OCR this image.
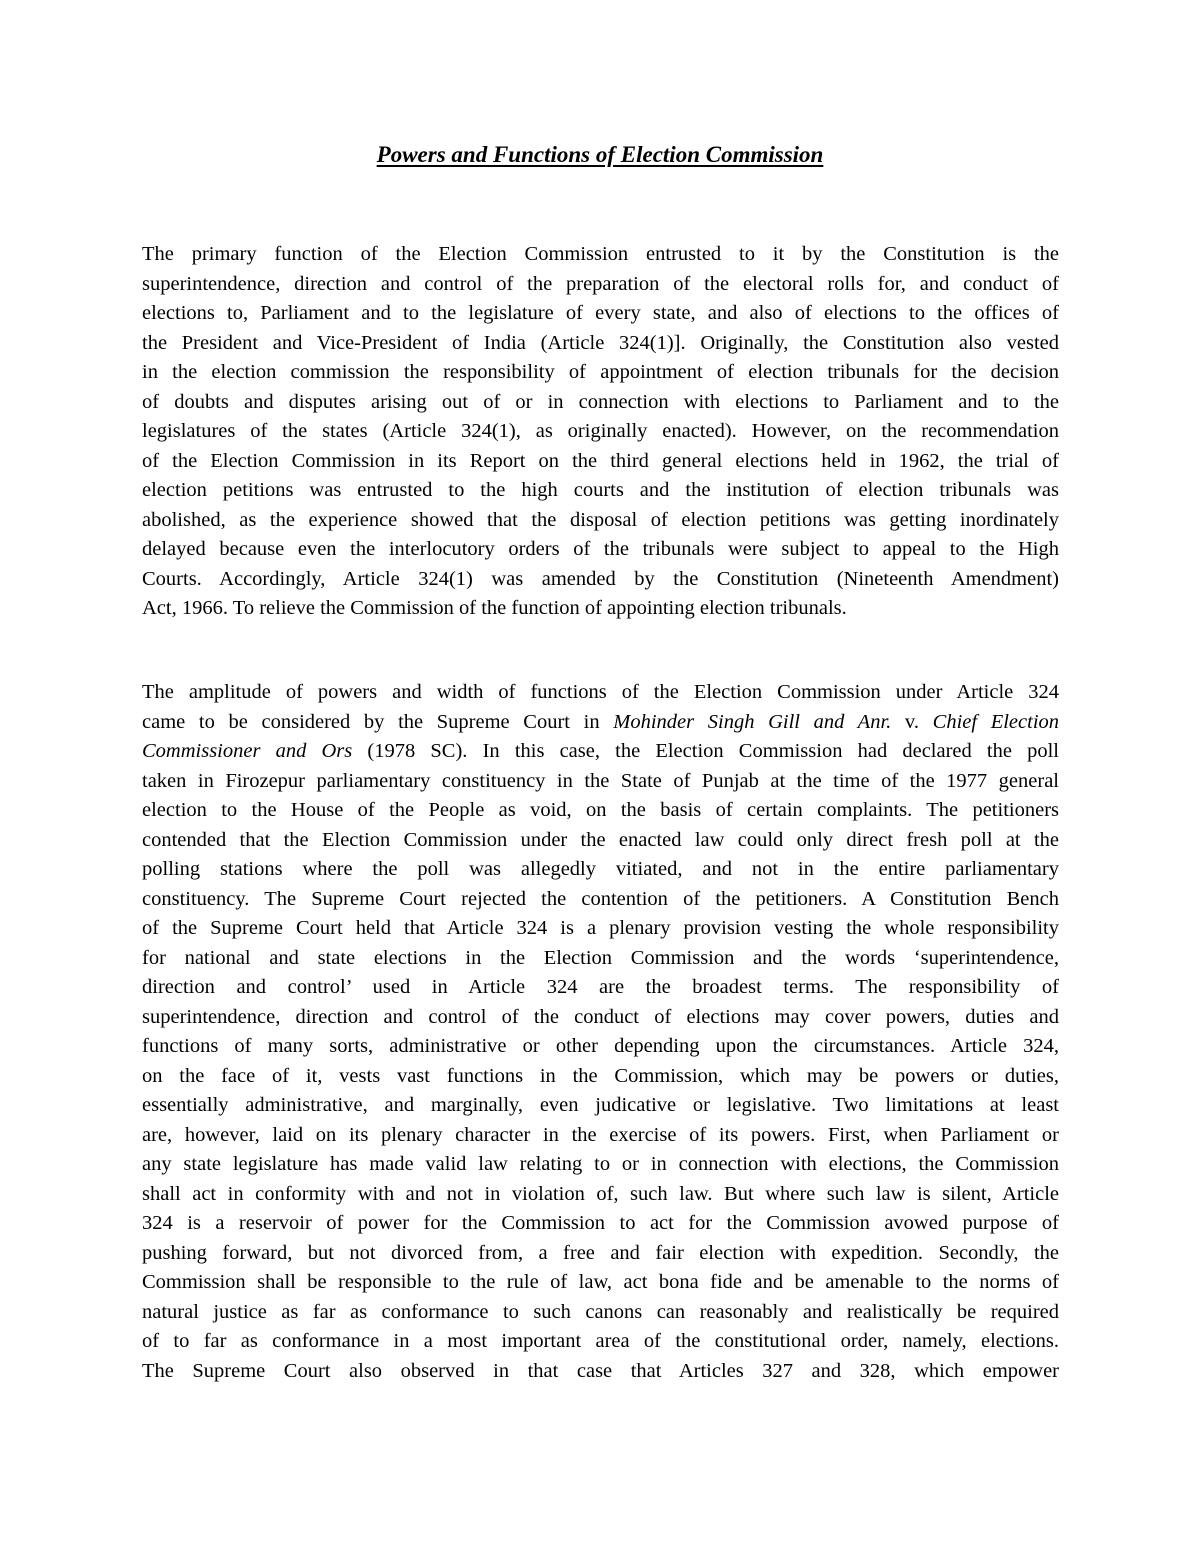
Powers and Functions of Election Commission
The primary function of the Election Commission entrusted to it by the Constitution is the
superintendence, direction and control of the preparation of the electoral rolls for, and conduct of
elections to, Parliament and to the legislature of every state, and also of elections to the offices of
the President and Vice-President of India (Article 324(1)]. Originally, the Constitution also vested
in the election commission the responsibility of appointment of election tribunals for the decision
of doubts and disputes arising out of or in connection with elections to Parliament and to the
legislatures of the states (Article 324(1), as originally enacted). However, on the recommendation
of the Election Commission in its Report on the third general elections held in 1962, the trial of
election petitions was entrusted to the high courts and the institution of election tribunals was
abolished, as the experience showed that the disposal of election petitions was getting inordinately
delayed because even the interlocutory orders of the tribunals were subject to appeal to the High
Courts. Accordingly, Article 324(1) was amended by the Constitution (Nineteenth Amendment)
Act, 1966. To relieve the Commission of the function of appointing election tribunals.
The amplitude of powers and width of functions of the Election Commission under Article 324
came to be considered by the Supreme Court in Mohinder Singh Gill and Anr. v. Chief Election
Commissioner and Ors (1978 SC). In this case, the Election Commission had declared the poll
taken in Firozepur parliamentary constituency in the State of Punjab at the time of the 1977 general
election to the House of the People as void, on the basis of certain complaints. The petitioners
contended that the Election Commission under the enacted law could only direct fresh poll at the
polling stations where the poll was allegedly vitiated, and not in the entire parliamentary
constituency. The Supreme Court rejected the contention of the petitioners. A Constitution Bench
of the Supreme Court held that Article 324 is a plenary provision vesting the whole responsibility
for national and state elections in the Election Commission and the words ‘superintendence,
direction and control’ used in Article 324 are the broadest terms. The responsibility of
superintendence, direction and control of the conduct of elections may cover powers, duties and
functions of many sorts, administrative or other depending upon the circumstances. Article 324,
on the face of it, vests vast functions in the Commission, which may be powers or duties,
essentially administrative, and marginally, even judicative or legislative. Two limitations at least
are, however, laid on its plenary character in the exercise of its powers. First, when Parliament or
any state legislature has made valid law relating to or in connection with elections, the Commission
shall act in conformity with and not in violation of, such law. But where such law is silent, Article
324 is a reservoir of power for the Commission to act for the Commission avowed purpose of
pushing forward, but not divorced from, a free and fair election with expedition. Secondly, the
Commission shall be responsible to the rule of law, act bona fide and be amenable to the norms of
natural justice as far as conformance to such canons can reasonably and realistically be required
of to far as conformance in a most important area of the constitutional order, namely, elections.
The Supreme Court also observed in that case that Articles 327 and 328, which empower
